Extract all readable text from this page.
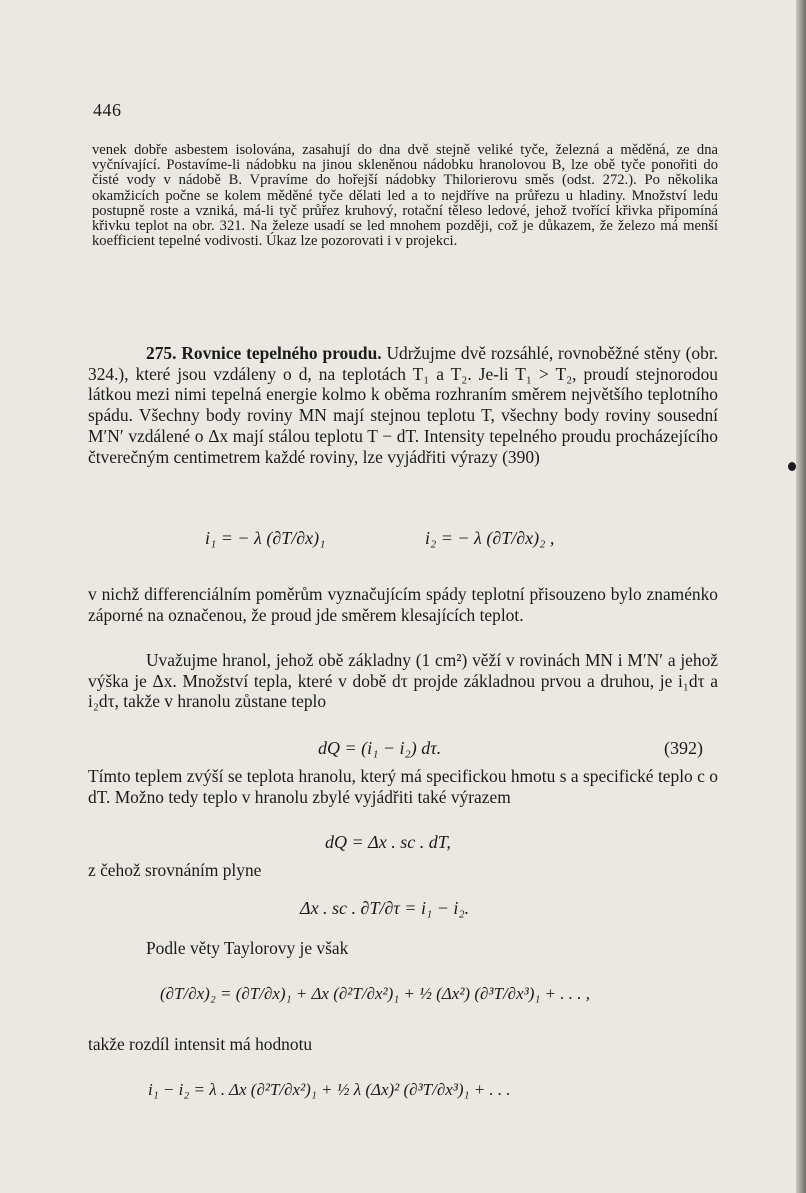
446

venek dobře asbestem isolována, zasahují do dna dvě stejně veliké tyče, železná a měděná, ze dna vyčnívající. Postavíme-li nádobku na jinou skleněnou nádobku hranolovou B, lze obě tyče ponořiti do čisté vody v nádobě B. Vpravíme do hořejší nádobky Thilorierovu směs (odst. 272.). Po několika okamžicích počne se kolem měděné tyče dělati led a to nejdříve na průřezu u hladiny. Množství ledu postupně roste a vzniká, má-li tyč průřez kruhový, rotační těleso ledové, jehož tvořící křivka připomíná křivku teplot na obr. 321. Na železe usadí se led mnohem později, což je důkazem, že železo má menší koefficient tepelné vodivosti. Úkaz lze pozorovati i v projekci.

275. Rovnice tepelného proudu. Udržujme dvě rozsáhlé, rovnoběžné stěny (obr. 324.), které jsou vzdáleny o d, na teplotách T₁ a T₂. Je-li T₁ > T₂, proudí stejnorodou látkou mezi nimi tepelná energie kolmo k oběma rozhraním směrem největšího teplotního spádu. Všechny body roviny MN mají stejnou teplotu T, všechny body roviny sousední M′N′ vzdálené o Δx mají stálou teplotu T − dT. Intensity tepelného proudu procházejícího čtverečným centimetrem každé roviny, lze vyjádřiti výrazy (390)

i₁ = − λ (∂T/∂x)₁	i₂ = − λ (∂T/∂x)₂ ,

v nichž differenciálním poměrům vyznačujícím spády teplotní přisouzeno bylo znaménko záporné na označenou, že proud jde směrem klesajících teplot.

Uvažujme hranol, jehož obě základny (1 cm²) věží v rovinách MN i M′N′ a jehož výška je Δx. Množství tepla, které v době dτ projde základnou prvou a druhou, je i₁dτ a i₂dτ, takže v hranolu zůstane teplo

dQ = (i₁ − i₂) dτ.	(392)

Tímto teplem zvýší se teplota hranolu, který má specifickou hmotu s a specifické teplo c o dT. Možno tedy teplo v hranolu zbylé vyjádřiti také výrazem

dQ = Δx . sc . dT,

z čehož srovnáním plyne

Δx . sc . ∂T/∂τ = i₁ − i₂.

Podle věty Taylorovy je však

(∂T/∂x)₂ = (∂T/∂x)₁ + Δx (∂²T/∂x²)₁ + ½ (Δx²) (∂³T/∂x³)₁ + . . . ,

takže rozdíl intensit má hodnotu

i₁ − i₂ = λ . Δx (∂²T/∂x²)₁ + ½ λ (Δx)² (∂³T/∂x³)₁ + . . .
